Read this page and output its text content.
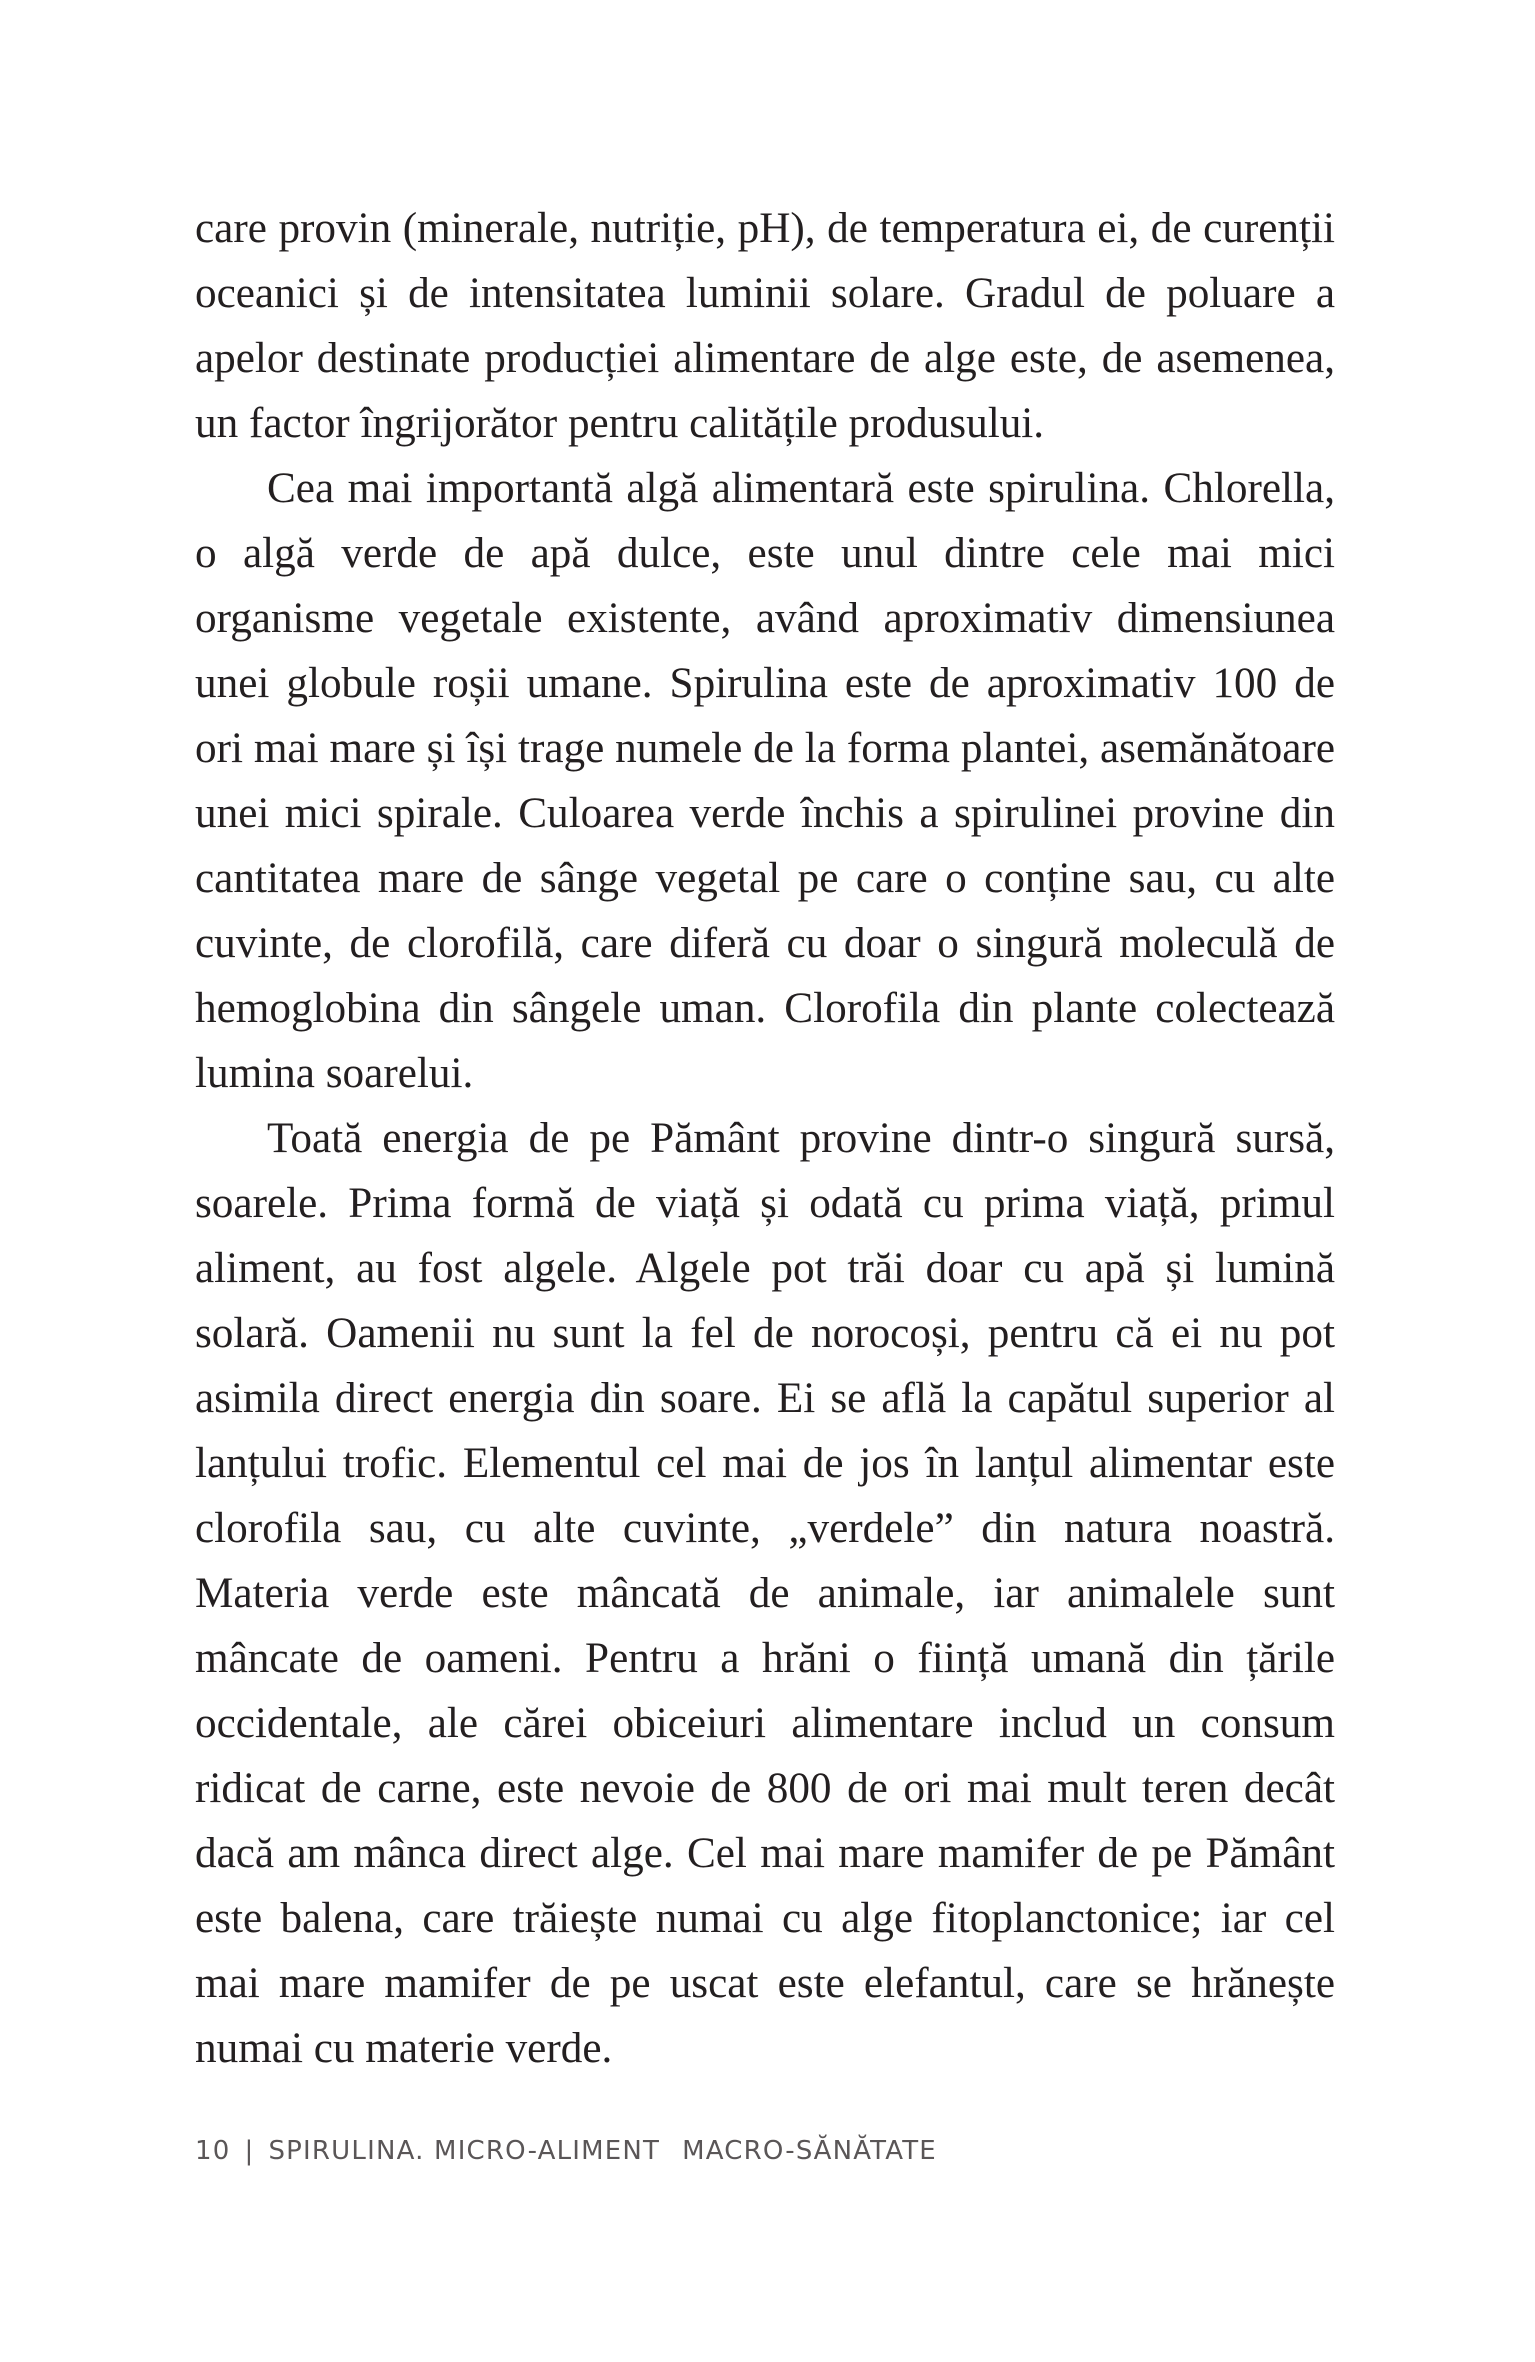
care provin (minerale, nutriție, pH), de temperatura ei, de curenții oceanici și de intensitatea luminii solare. Gradul de poluare a apelor destinate producției alimentare de alge este, de asemenea, un factor îngrijorător pentru calitățile produsului.

Cea mai importantă algă alimentară este spirulina. Chlorella, o algă verde de apă dulce, este unul dintre cele mai mici organisme vegetale existente, având aproximativ dimensiunea unei globule roșii umane. Spirulina este de aproximativ 100 de ori mai mare și își trage numele de la forma plantei, asemănătoare unei mici spirale. Culoarea verde închis a spirulinei provine din cantitatea mare de sânge vegetal pe care o conține sau, cu alte cuvinte, de clorofilă, care diferă cu doar o singură moleculă de hemoglobina din sângele uman. Clorofila din plante colectează lumina soarelui.

Toată energia de pe Pământ provine dintr-o singură sursă, soarele. Prima formă de viață și odată cu prima viață, primul aliment, au fost algele. Algele pot trăi doar cu apă și lumină solară. Oamenii nu sunt la fel de norocoși, pentru că ei nu pot asimila direct energia din soare. Ei se află la capătul superior al lanțului trofic. Elementul cel mai de jos în lanțul alimentar este clorofila sau, cu alte cuvinte, „verdele” din natura noastră. Materia verde este mâncată de animale, iar animalele sunt mâncate de oameni. Pentru a hrăni o ființă umană din țările occidentale, ale cărei obiceiuri alimentare includ un consum ridicat de carne, este nevoie de 800 de ori mai mult teren decât dacă am mânca direct alge. Cel mai mare mamifer de pe Pământ este balena, care trăiește numai cu alge fitoplanctonice; iar cel mai mare mamifer de pe uscat este elefantul, care se hrănește numai cu materie verde.

10 | SPIRULINA. MICRO-ALIMENT MACRO-SĂNĂTATE
